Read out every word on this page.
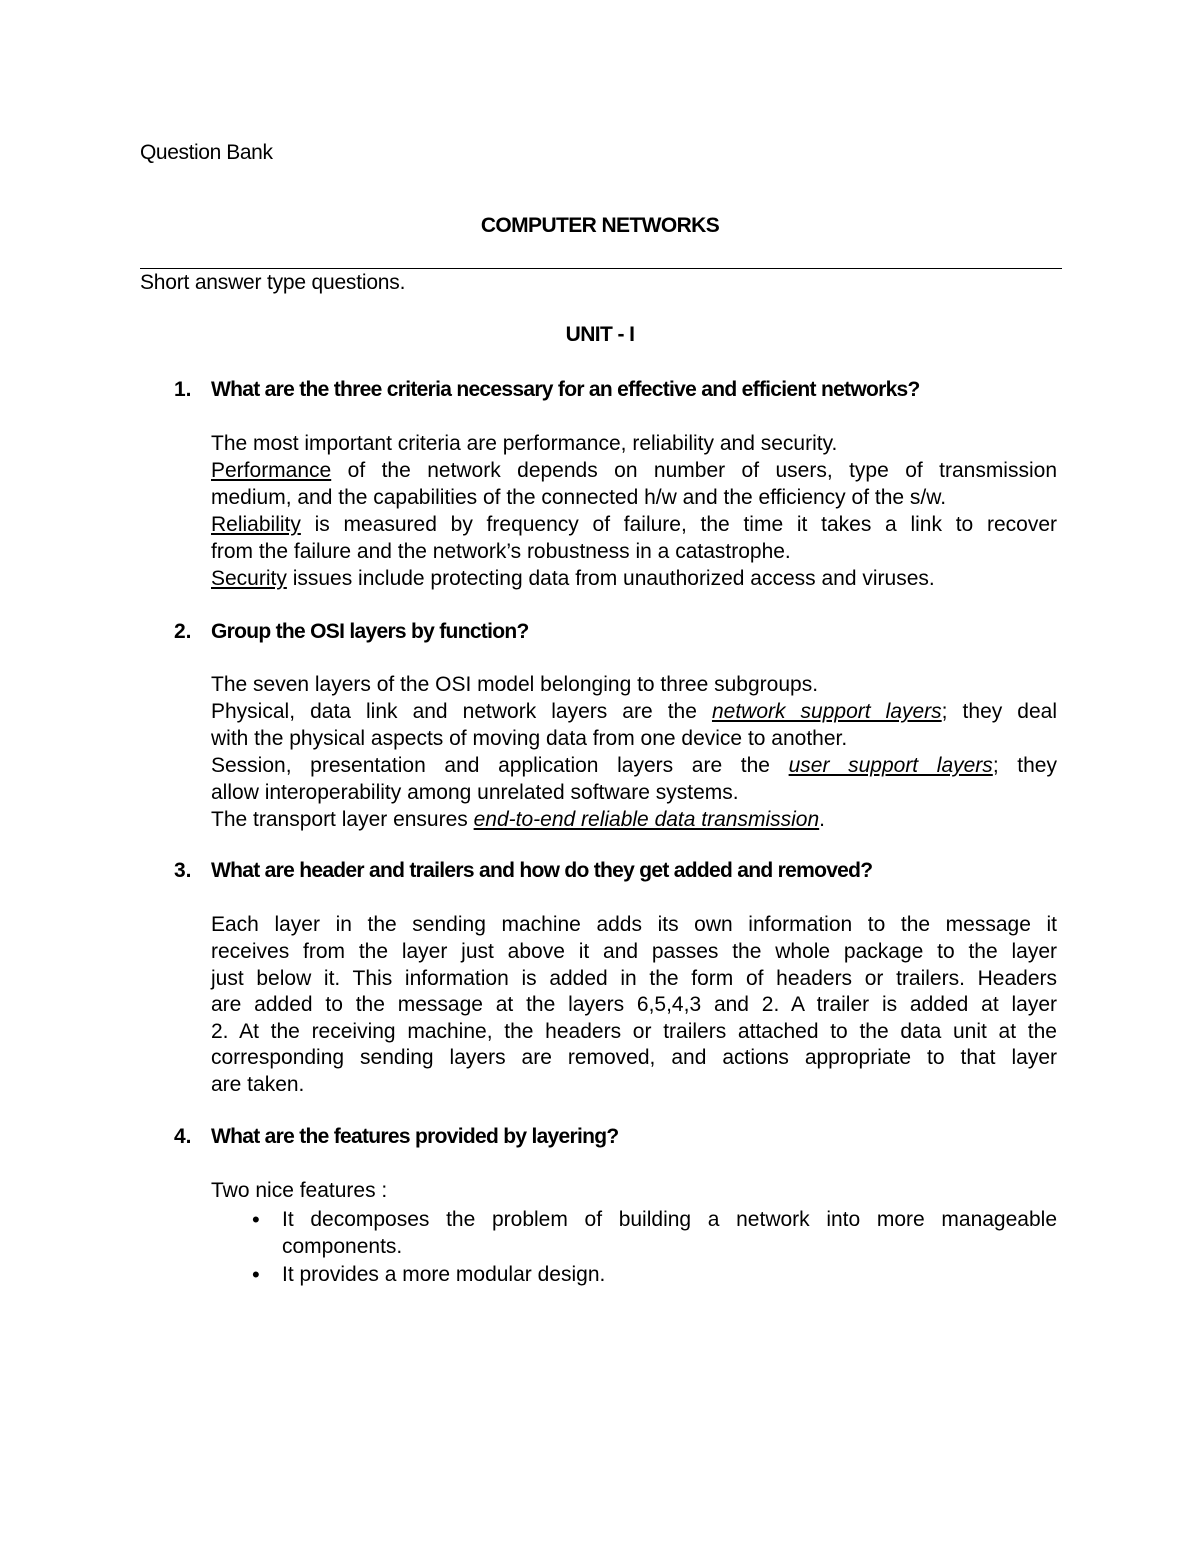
Question Bank
COMPUTER NETWORKS
Short answer type questions.
UNIT - I
1. What are the three criteria necessary for an effective and efficient networks?
The most important criteria are performance, reliability and security.
Performance of the network depends on number of users, type of transmission
medium, and the capabilities of the connected h/w and the efficiency of the s/w.
Reliability is measured by frequency of failure, the time it takes a link to recover
from the failure and the network’s robustness in a catastrophe.
Security issues include protecting data from unauthorized access and viruses.
2. Group the OSI layers by function?
The seven layers of the OSI model belonging to three subgroups.
Physical, data link and network layers are the network support layers; they deal
with the physical aspects of moving data from one device to another.
Session, presentation and application layers are the user support layers; they
allow interoperability among unrelated software systems.
The transport layer ensures end-to-end reliable data transmission.
3. What are header and trailers and how do they get added and removed?
Each layer in the sending machine adds its own information to the message it
receives from the layer just above it and passes the whole package to the layer
just below it. This information is added in the form of headers or trailers. Headers
are added to the message at the layers 6,5,4,3 and 2. A trailer is added at layer
2. At the receiving machine, the headers or trailers attached to the data unit at the
corresponding sending layers are removed, and actions appropriate to that layer
are taken.
4. What are the features provided by layering?
Two nice features :
• It decomposes the problem of building a network into more manageable
components.
• It provides a more modular design.
